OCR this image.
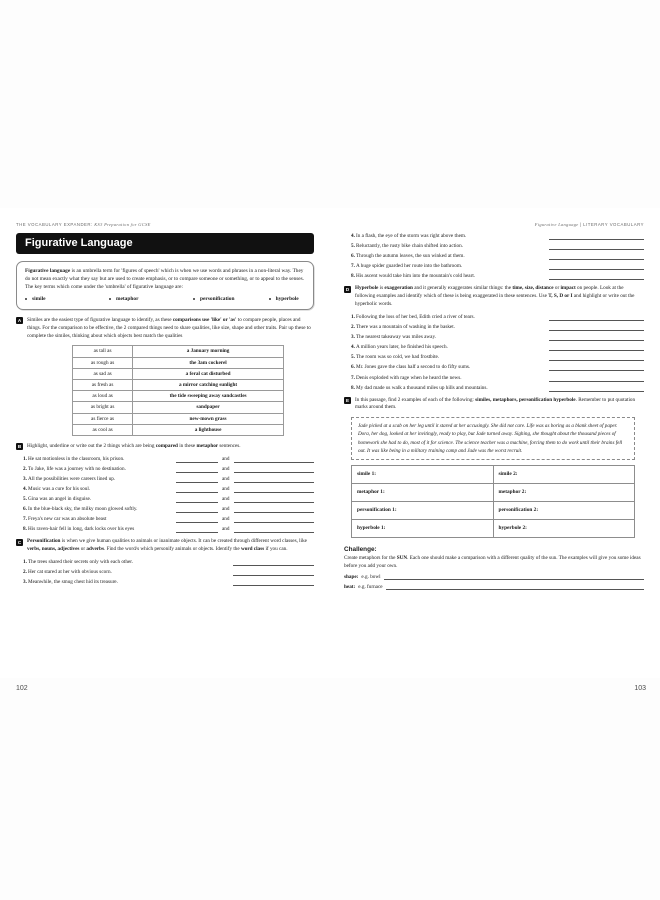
THE VOCABULARY EXPANDER: KS3 Preparation for GCSE
Figurative Language
Figurative language is an umbrella term for 'figures of speech' which is when we use words and phrases in a non-literal way. They do not mean exactly what they say but are used to create emphasis, or to compare someone or something, or to appeal to the senses. The key terms which come under the 'umbrella' of figurative language are:
simile	metaphor	personification	hyperbole
A	Similes are the easiest type of figurative language to identify, as these comparisons use 'like' or 'as' to compare people, places and things. For the comparison to be effective, the 2 compared things need to share qualities, like size, shape and other traits. Pair up these to complete the similes, thinking about which objects best match the qualities
as tall as	a January morning
as rough as	the 3am cockerel
as sad as	a feral cat disturbed
as fresh as	a mirror catching sunlight
as loud as	the tide sweeping away sandcastles
as bright as	sandpaper
as fierce as	new-mown grass
as cool as	a lighthouse
B	Highlight, underline or write out the 2 things which are being compared in these metaphor sentences.
1. He sat motionless in the classroom, his prison.	and
2. To Jake, life was a journey with no destination.	and
3. All the possibilities were careers lined up.	and
4. Music was a cure for his soul.	and
5. Gina was an angel in disguise.	and
6. In the blue-black sky, the milky moon glowed softly.	and
7. Freya's new car was an absolute beast	and
8. His raven-hair fell in long, dark locks over his eyes	and
C	Personification is when we give human qualities to animals or inanimate objects. It can be created through different word classes, like verbs, nouns, adjectives or adverbs. Find the word/s which personify animals or objects. Identify the word class if you can.
1. The trees shared their secrets only with each other.
2. Her cat stared at her with obvious scorn.
3. Meanwhile, the smug chest hid its treasure.
102
Figurative Language | LITERARY VOCABULARY
4. In a flash, the eye of the storm was right above them.
5. Reluctantly, the rusty bike chain shifted into action.
6. Through the autumn leaves, the sun winked at them.
7. A huge spider guarded her route into the bathroom.
8. His ascent would take him into the mountain's cold heart.
D	Hyperbole is exaggeration and it generally exaggerates similar things: the time, size, distance or impact on people. Look at the following examples and identify which of these is being exaggerated in these sentences. Use T, S, D or I and highlight or write out the hyperbolic words.
1. Following the loss of her bed, Edith cried a river of tears.
2. There was a mountain of washing in the basket.
3. The nearest takeaway was miles away.
4. A million years later, he finished his speech.
5. The room was so cold, we had frostbite.
6. Mr. Jones gave the class half a second to do fifty sums.
7. Denis exploded with rage when he heard the news.
8. My dad made us walk a thousand miles up hills and mountains.
E	In this passage, find 2 examples of each of the following: similes, metaphors, personification hyperbole. Remember to put quotation marks around them.
Jade picked at a scab on her leg until it stared at her accusingly. She did not care. Life was as boring as a blank sheet of paper. Dora, her dog, looked at her invitingly, ready to play, but Jade turned away. Sighing, she thought about the thousand pieces of homework she had to do, most of it for science. The science teacher was a machine, forcing them to do work until their brains fell out. It was like being in a military training camp and Jade was the worst recruit.
simile 1:	simile 2:
metaphor 1:	metaphor 2:
personification 1:	personification 2:
hyperbole 1:	hyperbole 2:
Challenge:
Create metaphors for the SUN. Each one should make a comparison with a different quality of the sun. The examples will give you some ideas before you add your own.
shape: e.g. bowl
heat: e.g. furnace
103
